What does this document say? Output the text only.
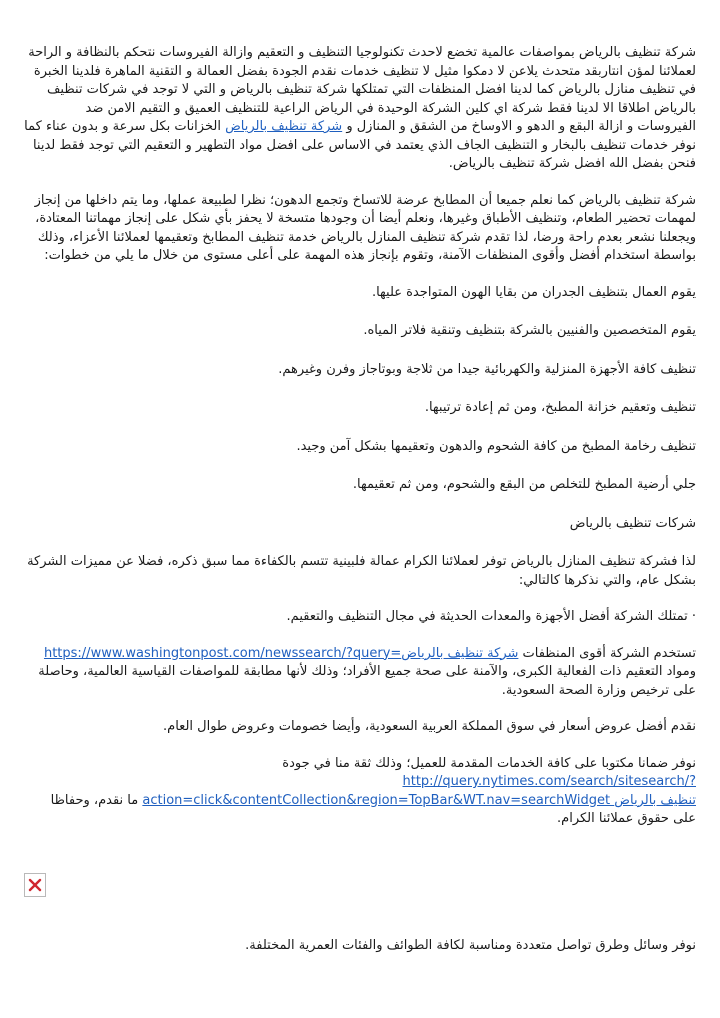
شركة تنظيف بالرياض بمواصفات عالمية تخضع لاحدث تكنولوجيا التنظيف و التعقيم وازالة الفيروسات نتحكم بالنظافة و الراحة لعملائنا لمؤن انتاربقد متحدث يلاعن لا دمكوا مثيل لا تنظيف خدمات نقدم الجودة بفضل العمالة و التقنية الماهرة فلدينا الخبرة في تنظيف منازل بالرياض كما لدينا افضل المنظفات التي تمتلكها شركة تنظيف بالرياض و التي لا توجد في شركات تنظيف بالرياض اطلاقا الا لدينا فقط شركة اي كلين الشركة الوحيدة في الرياض الراعية للتنظيف العميق و التقيم الامن ضد الفيروسات و ازالة البقع و الدهو و الاوساخ من الشقق و المنازل و شركة تنظيف بالرياض الخزانات بكل سرعة و بدون عناء كما نوفر خدمات تنظيف بالبخار و التنظيف الجاف الذي يعتمد في الاساس على افضل مواد التطهير و التعقيم التي توجد فقط لدينا فنحن بفضل الله افضل شركة تنظيف بالرياض.

شركة تنظيف بالرياض كما نعلم جميعا أن المطابخ عرضة للاتساخ وتجمع الدهون؛ نظرا لطبيعة عملها، وما يتم داخلها من إنجاز لمهمات تحضير الطعام، وتنظيف الأطباق وغيرها، ونعلم أيضا أن وجودها متسخة لا يحفز بأي شكل على إنجاز مهماتنا المعتادة، ويجعلنا نشعر بعدم راحة ورضا، لذا تقدم شركة تنظيف المنازل بالرياض خدمة تنظيف المطابخ وتعقيمها لعملائنا الأعزاء، وذلك بواسطة استخدام أفضل وأقوى المنظفات الآمنة، وتقوم بإنجاز هذه المهمة على أعلى مستوى من خلال ما يلي من خطوات:

يقوم العمال بتنظيف الجدران من بقايا الهون المتواجدة عليها.

يقوم المتخصصين والفنيين بالشركة بتنظيف وتنقية فلاتر المياه.

تنظيف كافة الأجهزة المنزلية والكهربائية جيدا من ثلاجة وبوتاجاز وفرن وغيرهم.

تنظيف وتعقيم خزانة المطبخ، ومن ثم إعادة ترتيبها.

تنظيف رخامة المطبخ من كافة الشحوم والدهون وتعقيمها بشكل آمن وجيد.

جلي أرضية المطبخ للتخلص من البقع والشحوم، ومن ثم تعقيمها.

شركات تنظيف بالرياض

لذا فشركة تنظيف المنازل بالرياض توفر لعملائنا الكرام عمالة فلبينية تتسم بالكفاءة مما سبق ذكره، فضلا عن مميزات الشركة بشكل عام، والتي نذكرها كالتالي:

· تمتلك الشركة أفضل الأجهزة والمعدات الحديثة في مجال التنظيف والتعقيم.

تستخدم الشركة أقوى المنظفات https://www.washingtonpost.com/newssearch/?query=شركة تنظيف بالرياض ومواد التعقيم ذات الفعالية الكبرى، والآمنة على صحة جميع الأفراد؛ وذلك لأنها مطابقة للمواصفات القياسية العالمية، وحاصلة على ترخيص وزارة الصحة السعودية.

نقدم أفضل عروض أسعار في سوق المملكة العربية السعودية، وأيضا خصومات وعروض طوال العام.

نوفر ضمانا مكتوبا على كافة الخدمات المقدمة للعميل؛ وذلك ثقة منا في جودة http://query.nytimes.com/search/sitesearch/?action=click&contentCollection&region=TopBar&WT.nav=searchWidget تنظيف بالرياض ما نقدم، وحفاظا على حقوق عملائنا الكرام.

نوفر وسائل وطرق تواصل متعددة ومناسبة لكافة الطوائف والفئات العمرية المختلفة.
